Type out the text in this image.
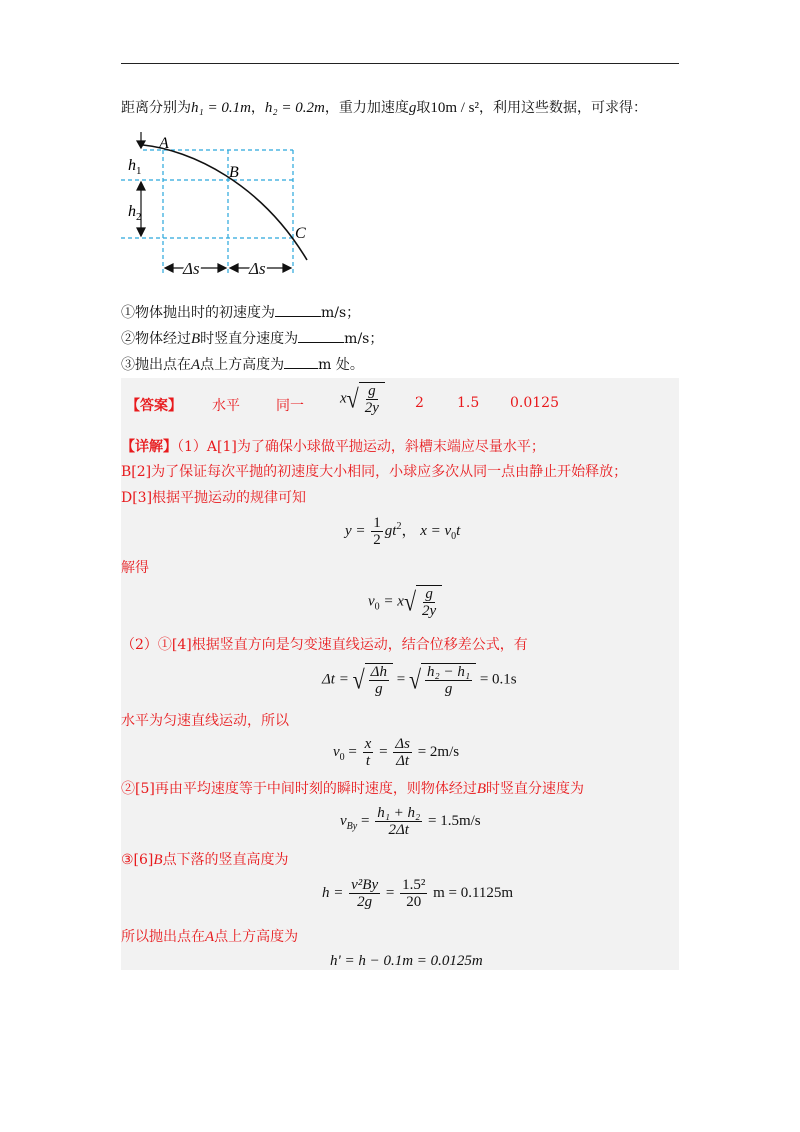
距离分别为h₁ = 0.1m，h₂ = 0.2m，重力加速度g取10m / s²，利用这些数据，可求得：
A
B
C
$h_1$
$h_2$
Δs	Δs
①物体抛出时的初速度为	m/s；
②物体经过B时竖直分速度为	m/s；
③抛出点在A点上方高度为 m 处。
【答案】 水平	同一 x √ $\frac{g}{2y} 2$ 1.5 0.0125
【详解】（1）A[1]为了确保小球做平抛运动，斜槽末端应尽量水平；
B[2]为了保证每次平抛的初速度大小相同，小球应多次从同一点由静止开始释放；
D[3]根据平抛运动的规律可知
$y = \frac{1}{2} gt^2$， $x = v_0t$
解得
$v_0 = x$ √ $\frac{g}{2y}$
（2）①[4]根据竖直方向是匀变速直线运动，结合位移差公式，有
Δt = √ $\frac{\Delta h}{g}$ = √ $\frac{\text{h₂ − h₁}}{g} = 0.1s$
水平为匀速直线运动，所以
$v_0 = \frac{x}{t} = \frac{\Delta s}{\Delta t} = 2m/s$
②[5]再由平均速度等于中间时刻的瞬时速度，则物体经过B时竖直分速度为
$v_{By} = \frac{\text{h₁ + h₂}}{2\Delta t} = 1.5m/s$
③[6]B点下落的竖直高度为
$h = \frac{\text{v²By}}{2g} = \frac{\text{1.5²}}{20}$ m = 0.1125m
所以抛出点在A点上方高度为
h' = h − 0.1m = 0.0125m
